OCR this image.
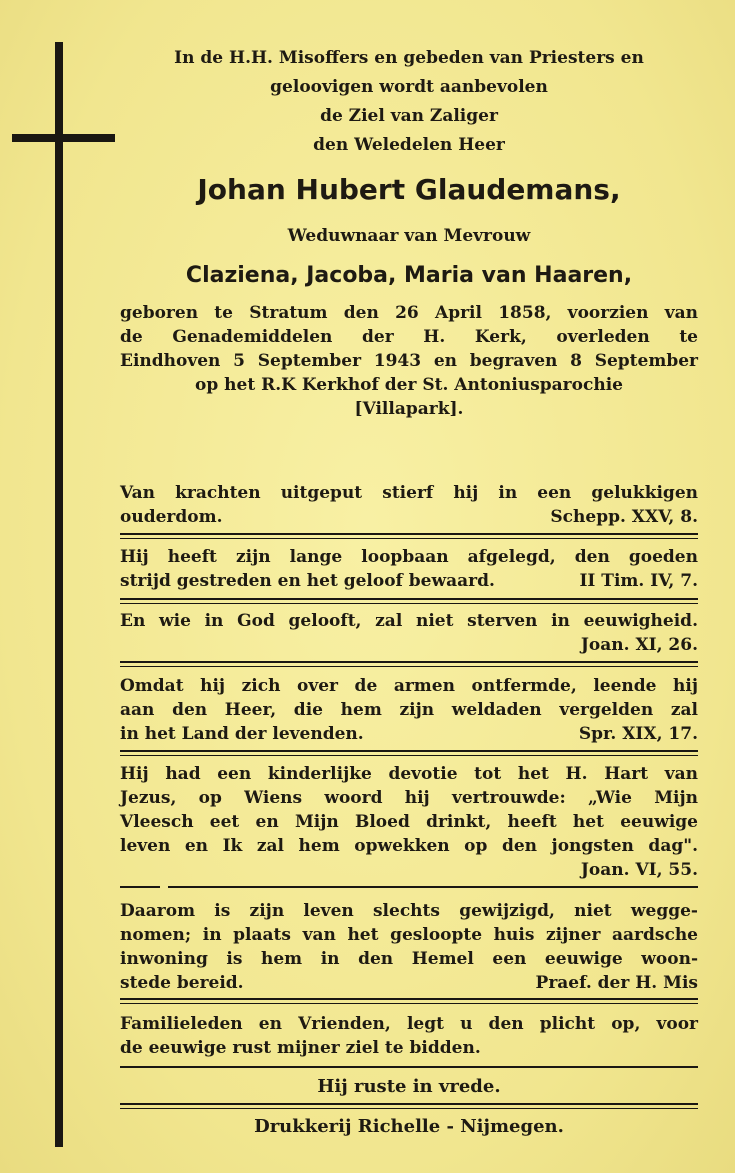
In de H.H. Misoffers en gebeden van Priesters en
geloovigen wordt aanbevolen
de Ziel van Zaliger
den Weledelen Heer
Johan Hubert Glaudemans,
Weduwnaar van Mevrouw
Claziena, Jacoba, Maria van Haaren,
geboren te Stratum den 26 April 1858, voorzien van
de Genademiddelen der H. Kerk, overleden te
Eindhoven 5 September 1943 en begraven 8 September
op het R.K Kerkhof der St. Antoniusparochie
[Villapark].
Van krachten uitgeput stierf hij in een gelukkigen
ouderdom.	Schepp. XXV, 8.
Hij heeft zijn lange loopbaan afgelegd, den goeden
strijd gestreden en het geloof bewaard.	II Tim. IV, 7.
En wie in God gelooft, zal niet sterven in eeuwigheid.
Joan. XI, 26.
Omdat hij zich over de armen ontfermde, leende hij
aan den Heer, die hem zijn weldaden vergelden zal
in het Land der levenden.	Spr. XIX, 17.
Hij had een kinderlijke devotie tot het H. Hart van
Jezus, op Wiens woord hij vertrouwde: „Wie Mijn
Vleesch eet en Mijn Bloed drinkt, heeft het eeuwige
leven en Ik zal hem opwekken op den jongsten dag".
Joan. VI, 55.
Daarom is zijn leven slechts gewijzigd, niet wegge-
nomen; in plaats van het gesloopte huis zijner aardsche
inwoning is hem in den Hemel een eeuwige woon-
stede bereid.	Praef. der H. Mis
Familieleden en Vrienden, legt u den plicht op, voor
de eeuwige rust mijner ziel te bidden.
Hij ruste in vrede.
Drukkerij Richelle - Nijmegen.
